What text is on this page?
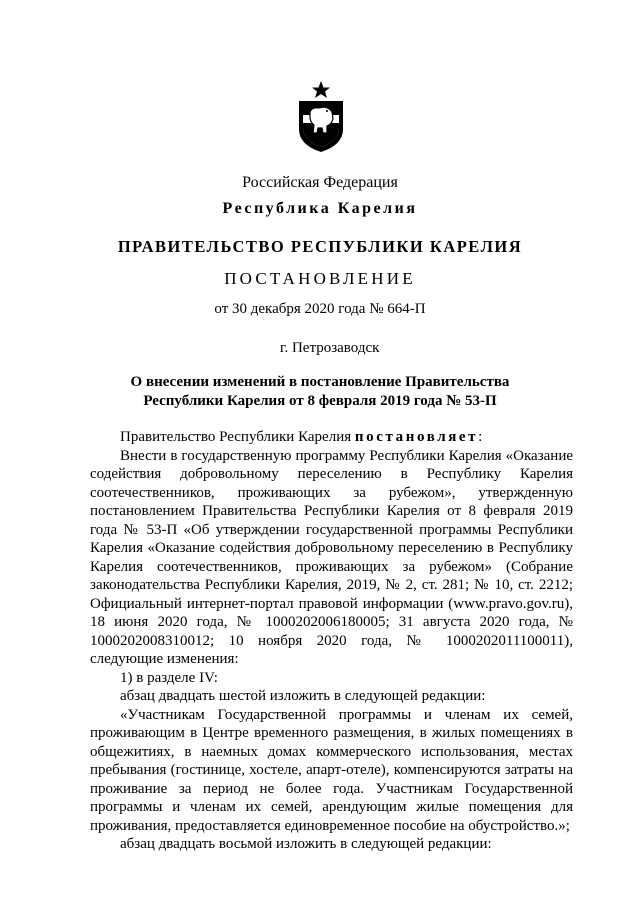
Российская Федерация
Республика Карелия
ПРАВИТЕЛЬСТВО РЕСПУБЛИКИ КАРЕЛИЯ
ПОСТАНОВЛЕНИЕ
от 30 декабря 2020 года № 664-П
г. Петрозаводск
О внесении изменений в постановление Правительства
Республики Карелия от 8 февраля 2019 года № 53-П

Правительство Республики Карелия постановляет:

Внести в государственную программу Республики Карелия «Оказание содействия добровольному переселению в Республику Карелия соотечественников, проживающих за рубежом», утвержденную постановлением Правительства Республики Карелия от 8 февраля 2019 года № 53-П «Об утверждении государственной программы Республики Карелия «Оказание содействия добровольному переселению в Республику Карелия соотечественников, проживающих за рубежом» (Собрание законодательства Республики Карелия, 2019, № 2, ст. 281; № 10, ст. 2212; Официальный интернет-портал правовой информации (www.pravo.gov.ru), 18 июня 2020 года, № 1000202006180005; 31 августа 2020 года, № 1000202008310012; 10 ноября 2020 года, № 1000202011100011), следующие изменения:

1) в разделе IV:

абзац двадцать шестой изложить в следующей редакции:

«Участникам Государственной программы и членам их семей, проживающим в Центре временного размещения, в жилых помещениях в общежитиях, в наемных домах коммерческого использования, местах пребывания (гостинице, хостеле, апарт-отеле), компенсируются затраты на проживание за период не более года. Участникам Государственной программы и членам их семей, арендующим жилые помещения для проживания, предоставляется единовременное пособие на обустройство.»;

абзац двадцать восьмой изложить в следующей редакции:
